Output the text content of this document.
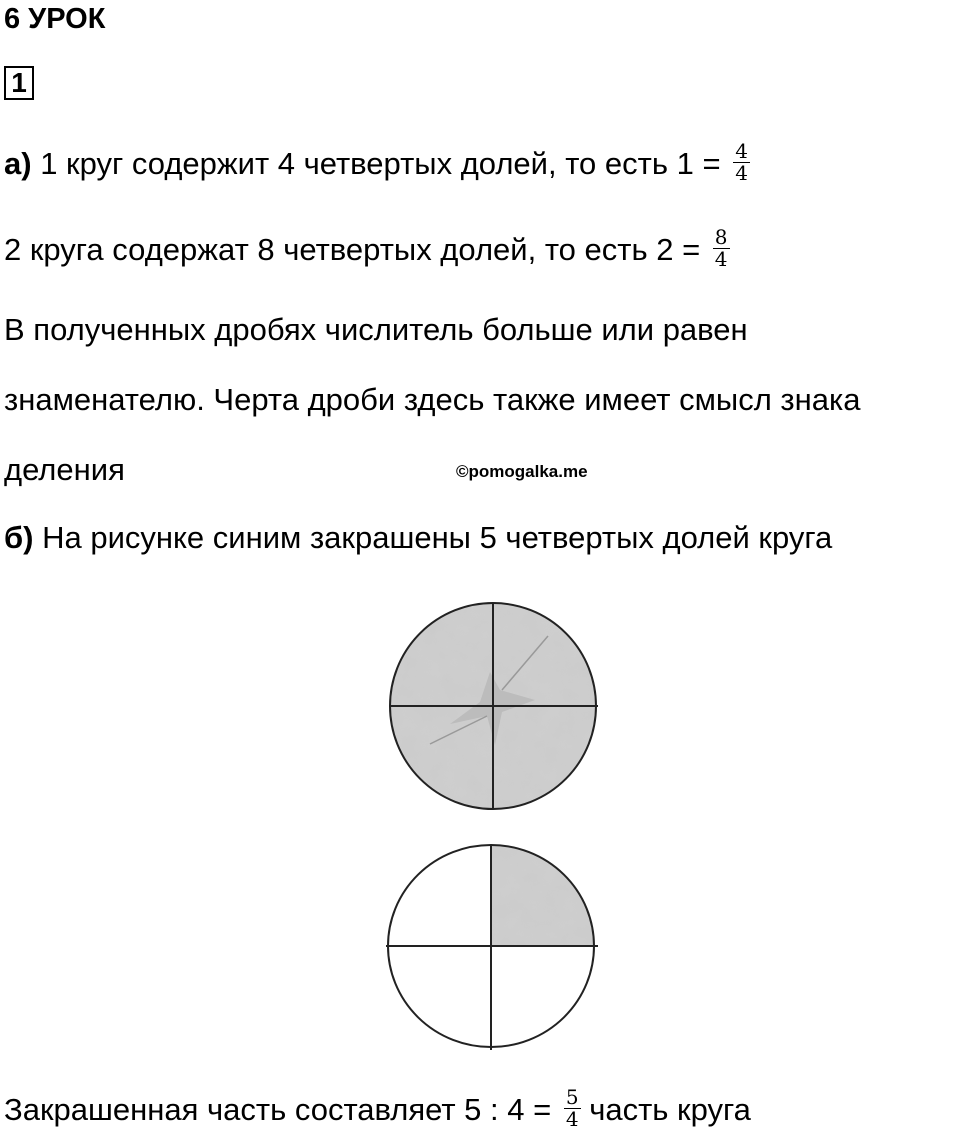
6 УРОК
1
а) 1 круг содержит 4 четвертых долей, то есть $1 = \frac{4}{4}$
2 круга содержат 8 четвертых долей, то есть $2 = \frac{8}{4}$
В полученных дробях числитель больше или равен
знаменателю. Черта дроби здесь также имеет смысл знака
деления	©pomogalka.me
б) На рисунке синим закрашены 5 четвертых долей круга
Закрашенная часть составляет 5 : $4 = \frac{5}{4}$ часть круга
